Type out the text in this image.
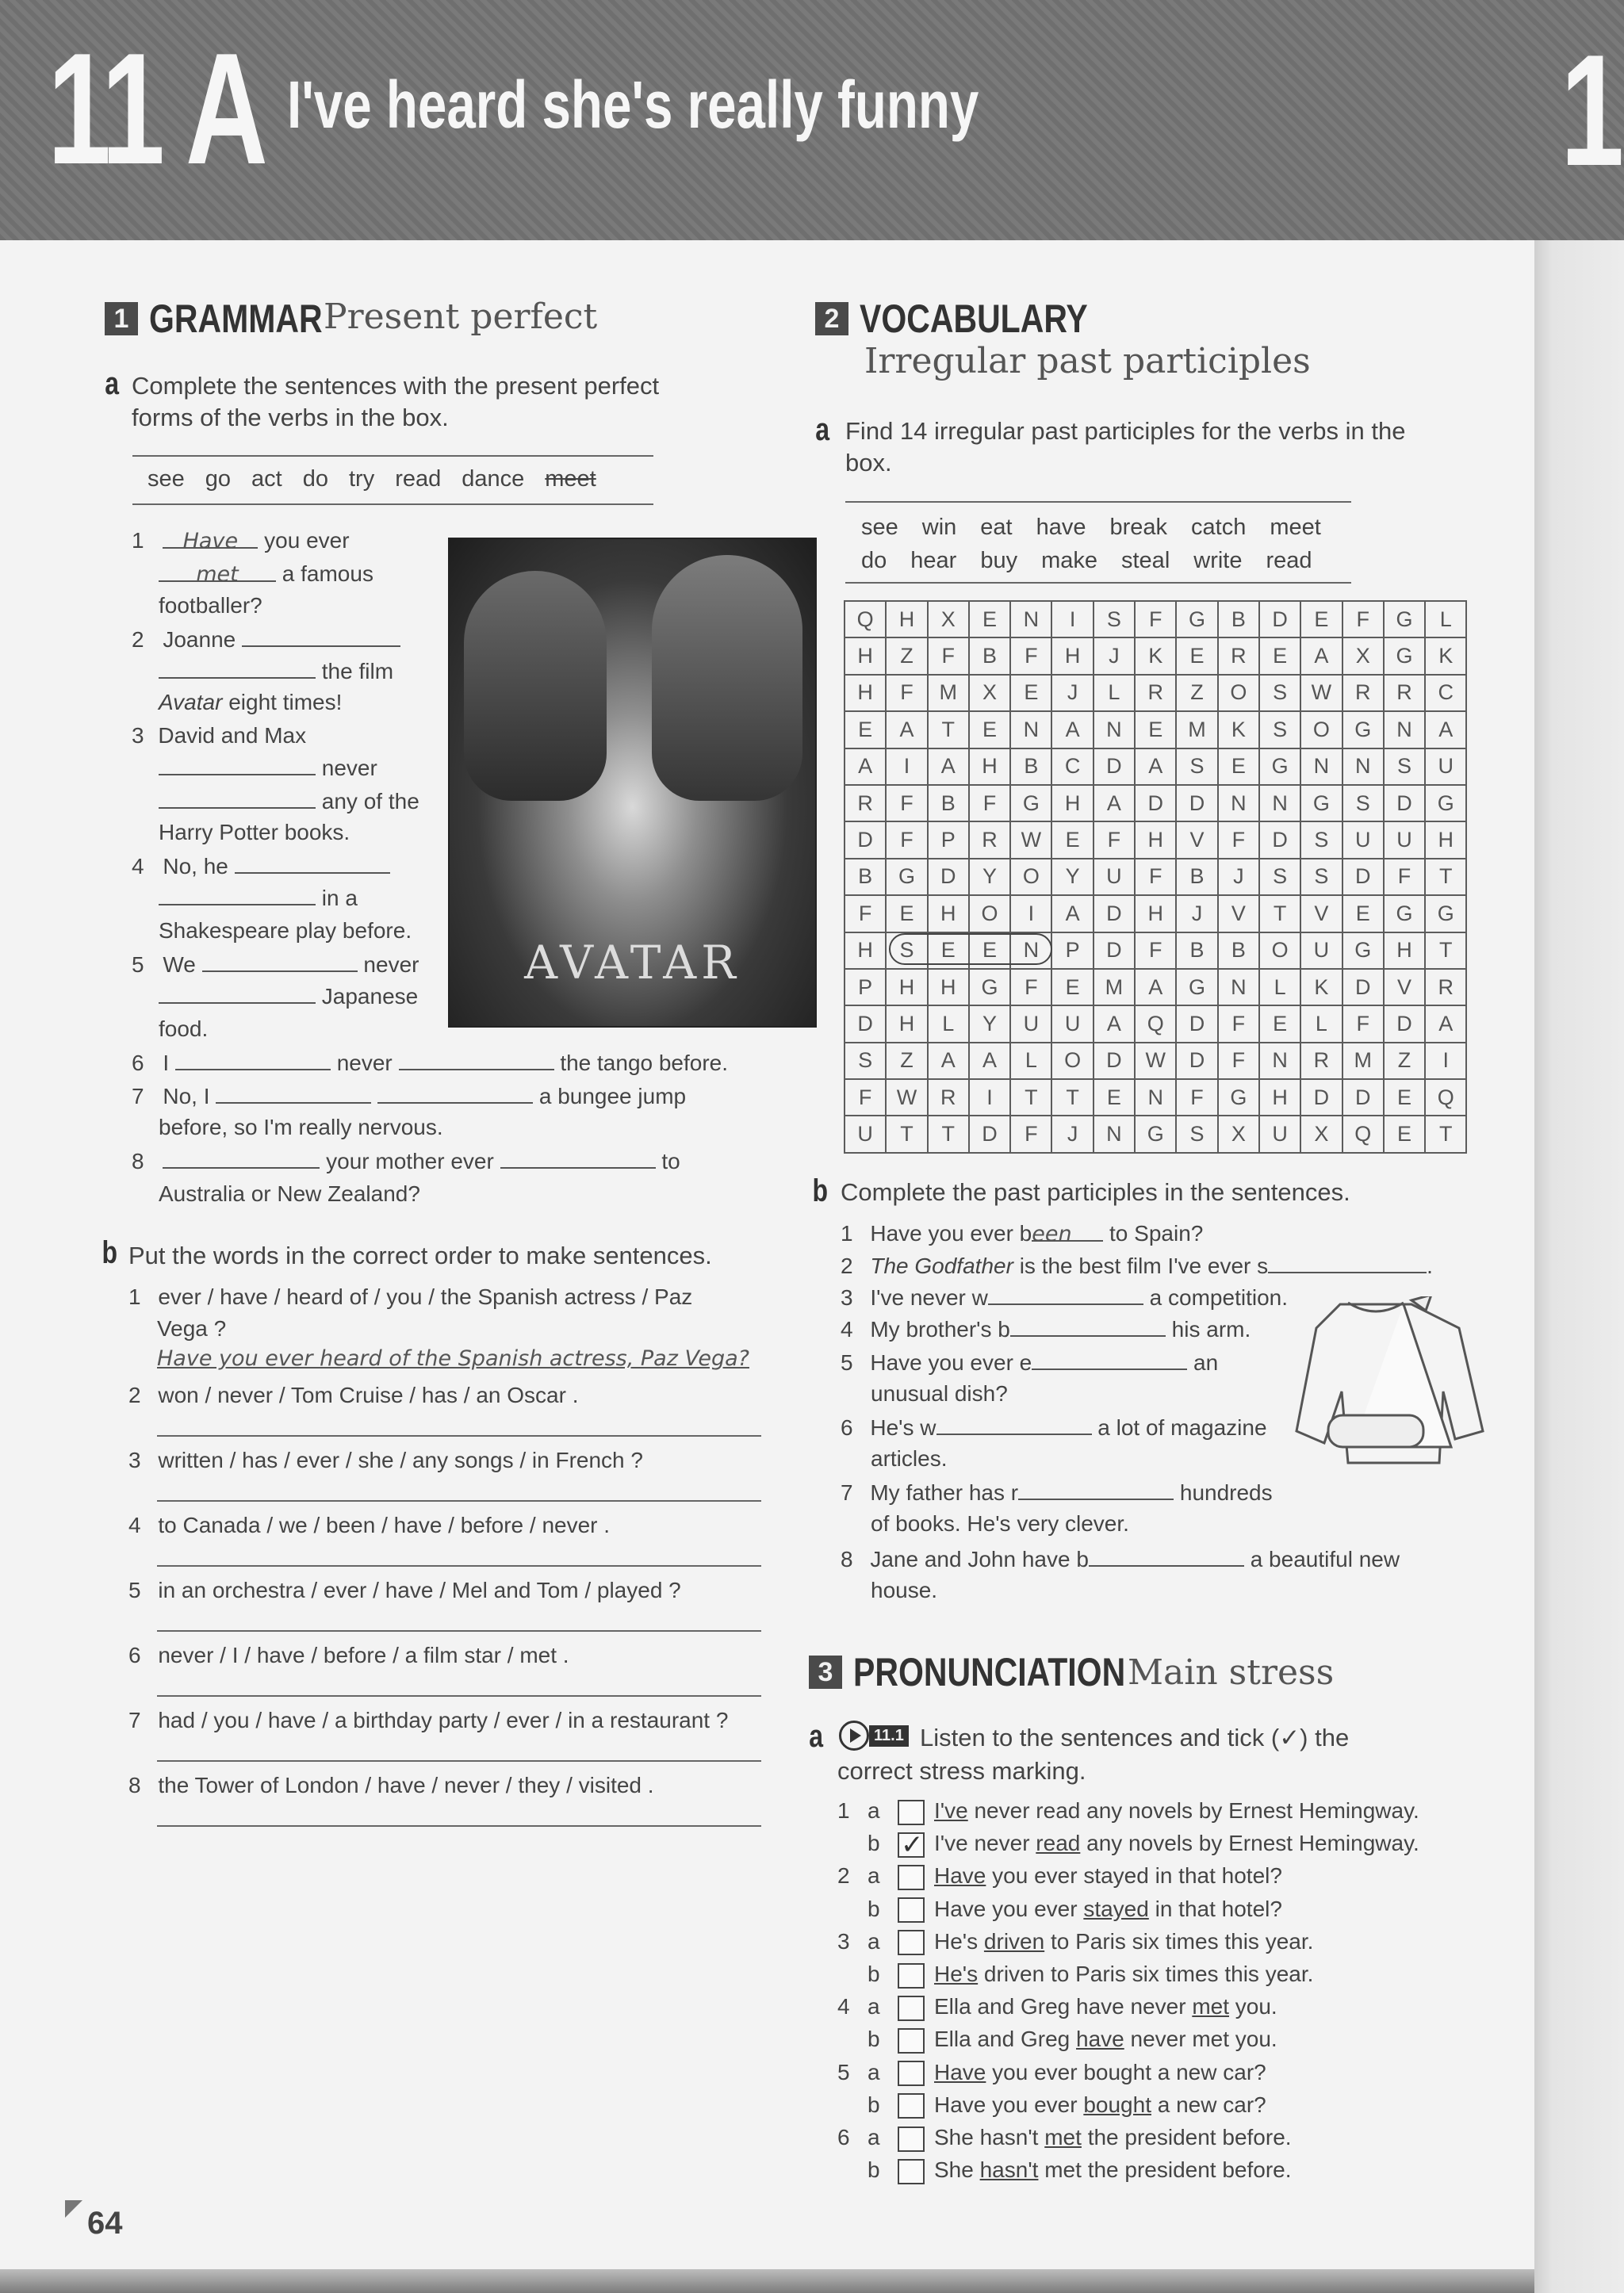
11 A I've heard she's really funny	1
1 GRAMMAR Present perfect
a Complete the sentences with the present perfect
forms of the verbs in the box.
see go act do try read dance meet
AVATAR
1 Have you ever
met a famous
footballer?
2 Joanne
the film
Avatar eight times!
3 David and Max
never
any of the
Harry Potter books.
4 No, he
in a
Shakespeare play before.
5 We	never
Japanese
food.
6 I	never	the tango before.
7 No, I	a bungee jump
before, so I'm really nervous.
8	your mother ever	to
Australia or New Zealand?
b Put the words in the correct order to make sentences.
1 ever / have / heard of / you / the Spanish actress / Paz
Vega ?
Have you ever heard of the Spanish actress, Paz Vega?
2 won / never / Tom Cruise / has / an Oscar .
3 written / has / ever / she / any songs / in French ?
4 to Canada / we / been / have / before / never .
5 in an orchestra / ever / have / Mel and Tom / played ?
6 never / I / have / before / a film star / met .
7 had / you / have / a birthday party / ever / in a restaurant ?
8 the Tower of London / have / never / they / visited .
2 VOCABULARY
Irregular past participles
a Find 14 irregular past participles for the verbs in the
box.
see win eat have break catch meet
do hear buy make steal write read
Q	H	X	E	N	I	S	F	G	B	D	E	F	G	L
H	Z	F	B	F	H	J	K	E	R	E	A	X	G	K
H	F	M	X	E	J	L	R	Z	O	S	W	R	R	C
E	A	T	E	N	A	N	E	M	K	S	O	G	N	A
A	I	A	H	B	C	D	A	S	E	G	N	N	S	U
R	F	B	F	G	H	A	D	D	N	N	G	S	D	G
D	F	P	R	W	E	F	H	V	F	D	S	U	U	H
B	G	D	Y	O	Y	U	F	B	J	S	S	D	F	T
F	E	H	O	I	A	D	H	J	V	T	V	E	G	G
H	S	E	E	N	P	D	F	B	B	O	U	G	H	T
P	H	H	G	F	E	M	A	G	N	L	K	D	V	R
D	H	L	Y	U	U	A	Q	D	F	E	L	F	D	A
S	Z	A	A	L	O	D	W	D	F	N	R	M	Z	I
F	W	R	I	T	T	E	N	F	G	H	D	D	E	Q
U	T	T	D	F	J	N	G	S	X	U	X	Q	E	T
b Complete the past participles in the sentences.
1 Have you ever been to Spain?
2 The Godfather is the best film I've ever s	.
3 I've never w	a competition.
4 My brother's b	his arm.
5 Have you ever e	an
unusual dish?
6 He's w	a lot of magazine
articles.
7 My father has r	hundreds
of books. He's very clever.
8 Jane and John have b	a beautiful new
house.
3 PRONUNCIATION Main stress
a	11.1 Listen to the sentences and tick (✓) the
correct stress marking.
1 a I've never read any novels by Ernest Hemingway.
b ✓ I've never read any novels by Ernest Hemingway.
2 a Have you ever stayed in that hotel?
b Have you ever stayed in that hotel?
3 a He's driven to Paris six times this year.
b He's driven to Paris six times this year.
4 a Ella and Greg have never met you.
b Ella and Greg have never met you.
5 a Have you ever bought a new car?
b Have you ever bought a new car?
6 a She hasn't met the president before.
b She hasn't met the president before.
64
